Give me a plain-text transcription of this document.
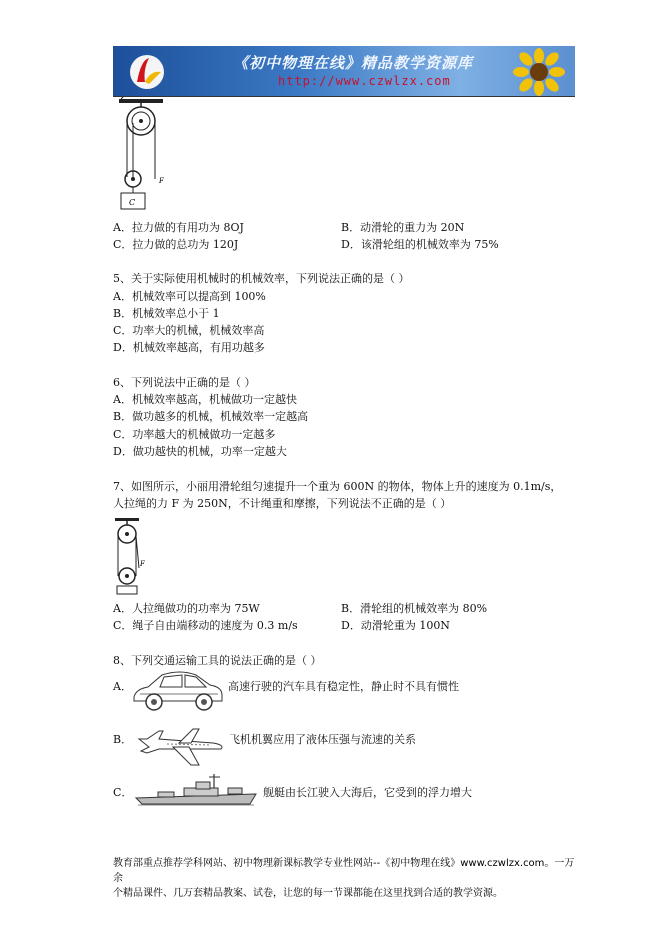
《初中物理在线》精品教学资源库
http://www.czwlzx.com
C
F
A．拉力做的有用功为 8OJ	B．动滑轮的重力为 20N
C．拉力做的总功为 120J	D．该滑轮组的机械效率为 75%
5、关于实际使用机械时的机械效率，下列说法正确的是（ ）
A．机械效率可以提高到 100%
B．机械效率总小于 1
C．功率大的机械，机械效率高
D．机械效率越高，有用功越多
6、下列说法中正确的是（ ）
A．机械效率越高，机械做功一定越快
B．做功越多的机械，机械效率一定越高
C．功率越大的机械做功一定越多
D．做功越快的机械，功率一定越大
7、如图所示，小丽用滑轮组匀速提升一个重为 600N 的物体，物体上升的速度为 0.1m/s，
人拉绳的力 F 为 250N，不计绳重和摩擦，下列说法不正确的是（ ）
F
A．人拉绳做功的功率为 75W	B．滑轮组的机械效率为 80%
C．绳子自由端移动的速度为 0.3 m/s	D．动滑轮重为 100N
8、下列交通运输工具的说法正确的是（ ）
A．	高速行驶的汽车具有稳定性，静止时不具有惯性
B．	飞机机翼应用了液体压强与流速的关系
C．	舰艇由长江驶入大海后，它受到的浮力增大
教育部重点推荐学科网站、初中物理新课标教学专业性网站--《初中物理在线》www.czwlzx.com。一万余
个精品课件、几万套精品教案、试卷，让您的每一节课都能在这里找到合适的教学资源。
